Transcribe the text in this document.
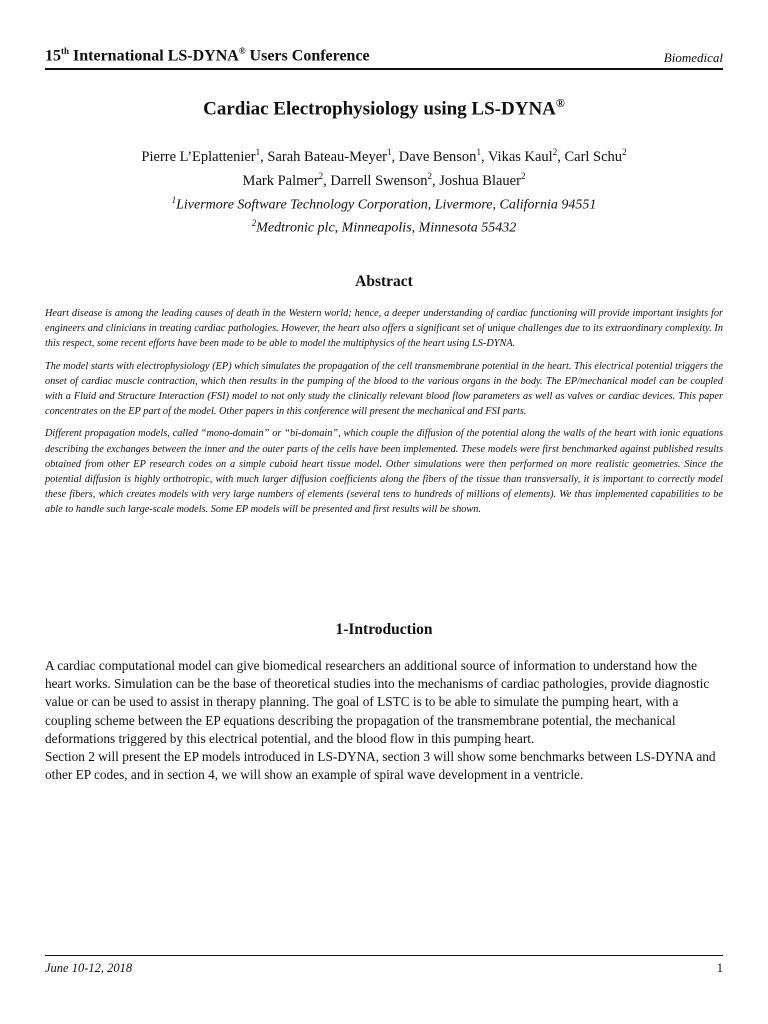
15th International LS-DYNA® Users Conference	Biomedical
Cardiac Electrophysiology using LS-DYNA®
Pierre L’Eplattenier$^1$, Sarah Bateau-Meyer$^1$, Dave Benson$^1$, Vikas Kaul$^2$, Carl Schu$^2$
Mark Palmer$^2$, Darrell Swenson$^2$, Joshua Blauer$^2$
$^1$Livermore Software Technology Corporation, Livermore, California 94551
$^2$Medtronic plc, Minneapolis, Minnesota 55432
Abstract

Heart disease is among the leading causes of death in the Western world; hence, a deeper understanding of cardiac functioning will provide important insights for engineers and clinicians in treating cardiac pathologies. However, the heart also offers a significant set of unique challenges due to its extraordinary complexity. In this respect, some recent efforts have been made to be able to model the multiphysics of the heart using LS-DYNA.

The model starts with electrophysiology (EP) which simulates the propagation of the cell transmembrane potential in the heart. This electrical potential triggers the onset of cardiac muscle contraction, which then results in the pumping of the blood to the various organs in the body. The EP/mechanical model can be coupled with a Fluid and Structure Interaction (FSI) model to not only study the clinically relevant blood flow parameters as well as valves or cardiac devices. This paper concentrates on the EP part of the model. Other papers in this conference will present the mechanical and FSI parts.

Different propagation models, called “mono-domain” or “bi-domain”, which couple the diffusion of the potential along the walls of the heart with ionic equations describing the exchanges between the inner and the outer parts of the cells have been implemented. These models were first benchmarked against published results obtained from other EP research codes on a simple cuboid heart tissue model. Other simulations were then performed on more realistic geometries. Since the potential diffusion is highly orthotropic, with much larger diffusion coefficients along the fibers of the tissue than transversally, it is important to correctly model these fibers, which creates models with very large numbers of elements (several tens to hundreds of millions of elements). We thus implemented capabilities to be able to handle such large-scale models. Some EP models will be presented and first results will be shown.

1-Introduction

A cardiac computational model can give biomedical researchers an additional source of information to understand how the heart works. Simulation can be the base of theoretical studies into the mechanisms of cardiac pathologies, provide diagnostic value or can be used to assist in therapy planning. The goal of LSTC is to be able to simulate the pumping heart, with a coupling scheme between the EP equations describing the propagation of the transmembrane potential, the mechanical deformations triggered by this electrical potential, and the blood flow in this pumping heart.

Section 2 will present the EP models introduced in LS-DYNA, section 3 will show some benchmarks between LS-DYNA and other EP codes, and in section 4, we will show an example of spiral wave development in a ventricle.

June 10-12, 2018	1
